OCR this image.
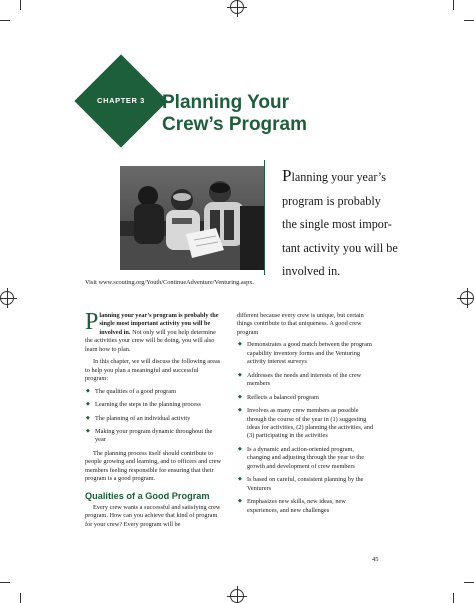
CHAPTER 3 Planning Your
Crew’s Program
Planning your year’s
program is probably
the single most impor-
tant activity you will be
involved in.
Visit www.scouting.org/Youth/ContinueAdventure/Venturing.aspx.

Planning your year’s program is probably the single most important activity you will be involved in. Not only will you help determine the activities your crew will be doing, you will also learn how to plan.

In this chapter, we will discuss the following areas to help you plan a meaningful and successful program:

◆ The qualities of a good program
◆ Learning the steps in the planning process
◆ The planning of an individual activity
◆ Making your program dynamic throughout the year

The planning process itself should contribute to people growing and learning, and to officers and crew members feeling responsible for ensuring that their program is a good program.

Qualities of a Good Program

Every crew wants a successful and satisfying crew program. How can you achieve that kind of program for your crew? Every program will be

different because every crew is unique, but certain things contribute to that uniqueness. A good crew program

◆ Demonstrates a good match between the program capability inventory forms and the Venturing activity interest surveys
◆ Addresses the needs and interests of the crew members
◆ Reflects a balanced program
◆ Involves as many crew members as possible through the course of the year in (1) suggesting ideas for activities, (2) planning the activities, and (3) participating in the activities
◆ Is a dynamic and action-oriented program, changing and adjusting through the year to the growth and development of crew members
◆ Is based on careful, consistent planning by the Venturers
◆ Emphasizes new skills, new ideas, new experiences, and new challenges
45
